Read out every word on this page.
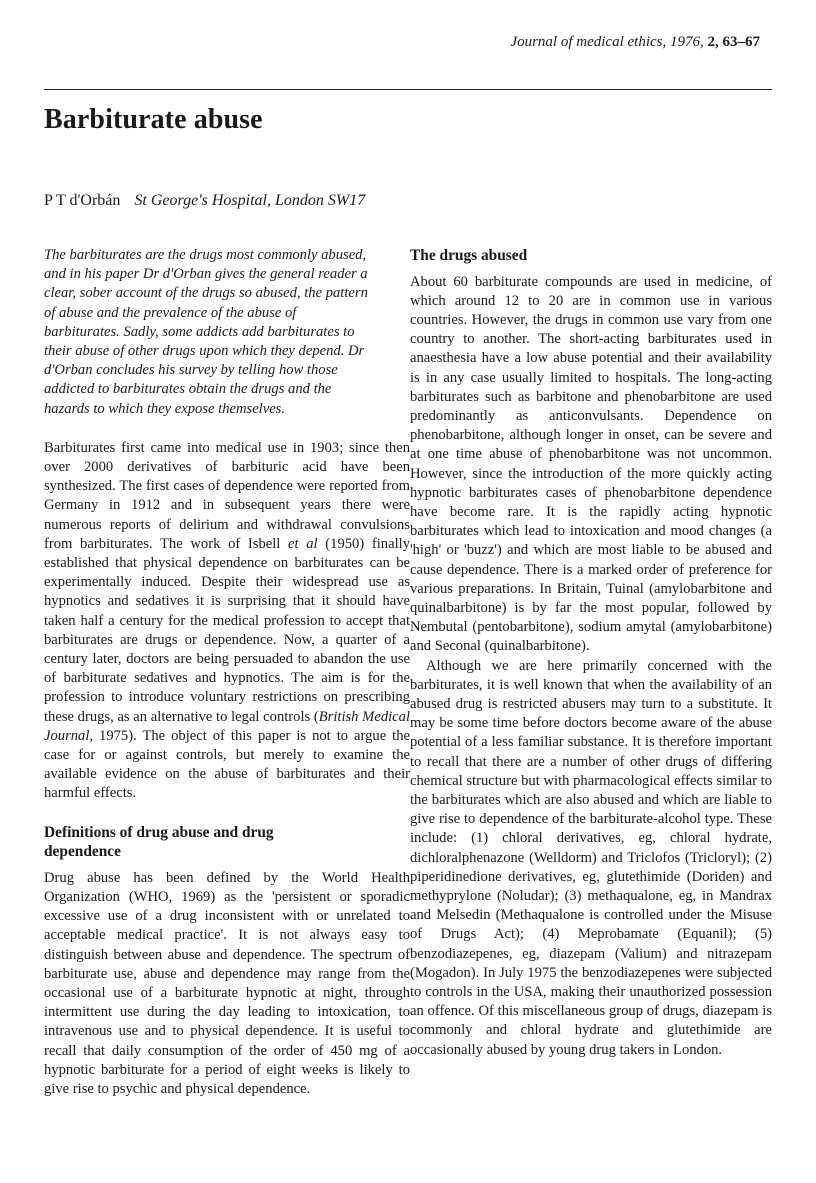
Journal of medical ethics, 1976, 2, 63–67
Barbiturate abuse
P T d'Orbán St George's Hospital, London SW17

The barbiturates are the drugs most commonly abused, and in his paper Dr d'Orban gives the general reader a clear, sober account of the drugs so abused, the pattern of abuse and the prevalence of the abuse of barbiturates. Sadly, some addicts add barbiturates to their abuse of other drugs upon which they depend. Dr d'Orban concludes his survey by telling how those addicted to barbiturates obtain the drugs and the hazards to which they expose themselves.

Barbiturates first came into medical use in 1903; since then over 2000 derivatives of barbituric acid have been synthesized. The first cases of dependence were reported from Germany in 1912 and in subsequent years there were numerous reports of delirium and withdrawal convulsions from barbiturates. The work of Isbell et al (1950) finally established that physical dependence on barbiturates can be experimentally induced. Despite their widespread use as hypnotics and sedatives it is surprising that it should have taken half a century for the medical profession to accept that barbiturates are drugs or dependence. Now, a quarter of a century later, doctors are being persuaded to abandon the use of barbiturate sedatives and hypnotics. The aim is for the profession to introduce voluntary restrictions on prescribing these drugs, as an alternative to legal controls (British Medical Journal, 1975). The object of this paper is not to argue the case for or against controls, but merely to examine the available evidence on the abuse of barbiturates and their harmful effects.

Definitions of drug abuse and drug dependence

Drug abuse has been defined by the World Health Organization (WHO, 1969) as the 'persistent or sporadic excessive use of a drug inconsistent with or unrelated to acceptable medical practice'. It is not always easy to distinguish between abuse and dependence. The spectrum of barbiturate use, abuse and dependence may range from the occasional use of a barbiturate hypnotic at night, through intermittent use during the day leading to intoxication, to intravenous use and to physical dependence. It is useful to recall that daily consumption of the order of 450 mg of a hypnotic barbiturate for a period of eight weeks is likely to give rise to psychic and physical dependence.

The drugs abused

About 60 barbiturate compounds are used in medicine, of which around 12 to 20 are in common use in various countries. However, the drugs in common use vary from one country to another. The short-acting barbiturates used in anaesthesia have a low abuse potential and their availability is in any case usually limited to hospitals. The long-acting barbiturates such as barbitone and phenobarbitone are used predominantly as anticonvulsants. Dependence on phenobarbitone, although longer in onset, can be severe and at one time abuse of phenobarbitone was not uncommon. However, since the introduction of the more quickly acting hypnotic barbiturates cases of phenobarbitone dependence have become rare. It is the rapidly acting hypnotic barbiturates which lead to intoxication and mood changes (a 'high' or 'buzz') and which are most liable to be abused and cause dependence. There is a marked order of preference for various preparations. In Britain, Tuinal (amylobarbitone and quinalbarbitone) is by far the most popular, followed by Nembutal (pentobarbitone), sodium amytal (amylobarbitone) and Seconal (quinalbarbitone).

Although we are here primarily concerned with the barbiturates, it is well known that when the availability of an abused drug is restricted abusers may turn to a substitute. It may be some time before doctors become aware of the abuse potential of a less familiar substance. It is therefore important to recall that there are a number of other drugs of differing chemical structure but with pharmacological effects similar to the barbiturates which are also abused and which are liable to give rise to dependence of the barbiturate-alcohol type. These include: (1) chloral derivatives, eg, chloral hydrate, dichloralphenazone (Welldorm) and Triclofos (Tricloryl); (2) piperidinedione derivatives, eg, glutethimide (Doriden) and methyprylone (Noludar); (3) methaqualone, eg, in Mandrax and Melsedin (Methaqualone is controlled under the Misuse of Drugs Act); (4) Meprobamate (Equanil); (5) benzodiazepenes, eg, diazepam (Valium) and nitrazepam (Mogadon). In July 1975 the benzodiazepenes were subjected to controls in the USA, making their unauthorized possession an offence. Of this miscellaneous group of drugs, diazepam is commonly and chloral hydrate and glutethimide are occasionally abused by young drug takers in London.
